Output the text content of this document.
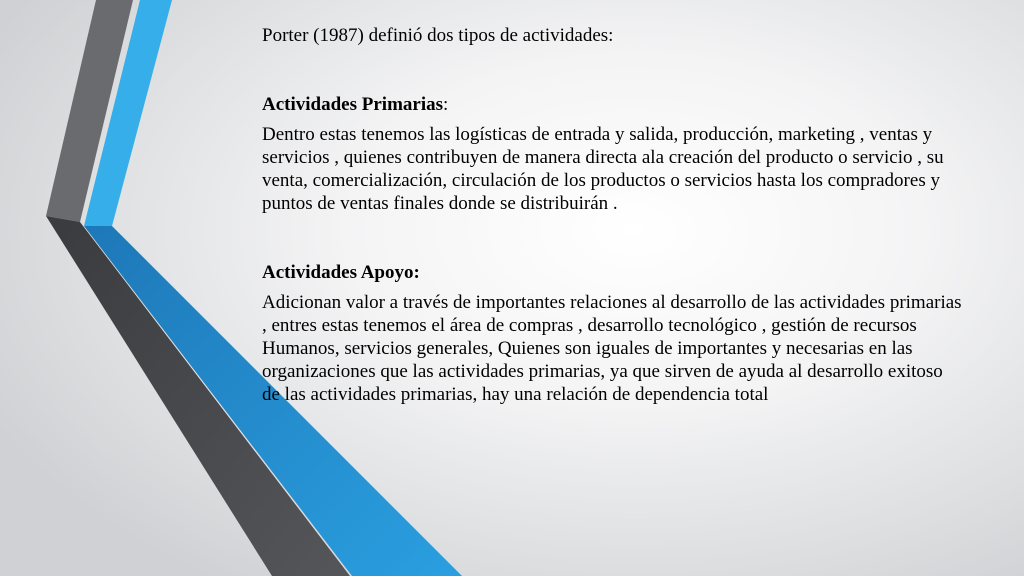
Porter (1987) definió dos tipos de actividades:

Actividades Primarias:

Dentro estas tenemos las logísticas de entrada y salida, producción, marketing , ventas y servicios , quienes contribuyen de manera directa ala creación del producto o servicio , su venta, comercialización, circulación de los productos o servicios hasta los compradores y puntos de ventas finales donde se distribuirán .

Actividades Apoyo:

Adicionan valor a través de importantes relaciones al desarrollo de las actividades primarias , entres estas tenemos el área de compras , desarrollo tecnológico , gestión de recursos Humanos, servicios generales, Quienes son iguales de importantes y necesarias en las organizaciones que las actividades primarias, ya que sirven de ayuda al desarrollo exitoso de las actividades primarias, hay una relación de dependencia total
